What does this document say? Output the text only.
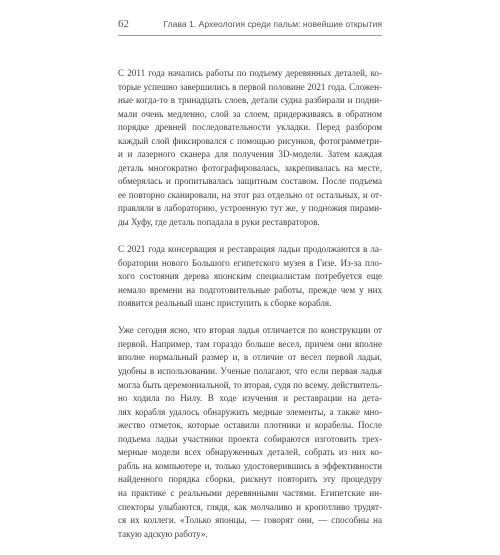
62	Глава 1. Археология среди пальм: новейшие открытия
С 2011 года начались работы по подъему деревянных деталей, ко-
торые успешно завершились в первой половине 2021 года. Сложен-
ные когда-то в тринадцать слоев, детали судна разбирали и подни-
мали очень медленно, слой за слоем, придерживаясь в обратном
порядке древней последовательности укладки. Перед разбором
каждый слой фиксировался с помощью рисунков, фотограмметри-
и и лазерного сканера для получения 3D-модели. Затем каждая
деталь многократно фотографировалась, закрепивалась на месте,
обмерялась и пропитывалась защитным составом. После подъема
ее повторно сканировали, на этот раз отдельно от остальных, и от-
правляли в лабораторию, устроенную тут же, у подножия пирами-
ды Хуфу, где деталь попадала в руки реставраторов.
С 2021 года консервация и реставрация ладьи продолжаются в ла-
боратории нового Большого египетского музея в Гизе. Из-за пло-
хого состояния дерева японским специалистам потребуется еще
немало времени на подготовительные работы, прежде чем у них
появится реальный шанс приступить к сборке корабля.
Уже сегодня ясно, что вторая ладья отличается по конструкции от
первой. Например, там гораздо больше весел, причем они вполне
вполне нормальный размер и, в отличие от весел первой ладьи,
удобны в использовании. Ученые полагают, что если первая ладья
могла быть церемониальной, то вторая, судя по всему, действитель-
но ходила по Нилу. В ходе изучения и реставрации на дета-
лях корабля удалось обнаружить медные элементы, а также мно-
жество отметок, которые оставили плотники и корабелы. После
подъема ладьи участники проекта собираются изготовить трех-
мерные модели всех обнаруженных деталей, собрать из них ко-
рабль на компьютере и, только удостоверившись в эффективности
найденного порядка сборки, рискнут повторить эту процедуру
на практике с реальными деревянными частями. Египетские ин-
спекторы улыбаются, глядя, как молчаливо и кропотливо трудят-
ся их коллеги. «Только японцы, — говорят они, — способны на
такую адскую работу».
